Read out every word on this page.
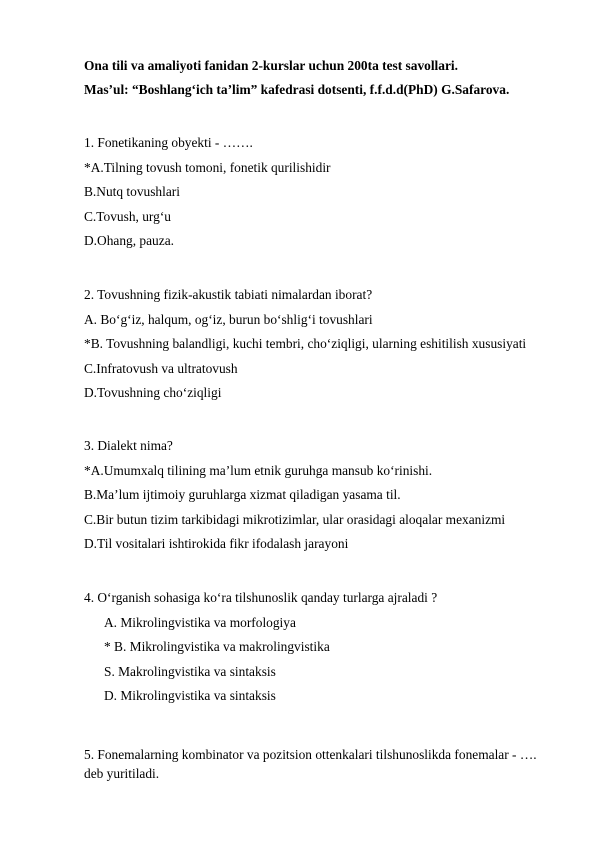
Ona tili va amaliyoti fanidan 2-kurslar uchun 200ta test savollari.
Mas’ul: “Boshlang‘ich ta’lim” kafedrasi dotsenti, f.f.d.d(PhD) G.Safarova.
1. Fonetikaning obyekti - …….
*A.Tilning tovush tomoni, fonetik qurilishidir
B.Nutq tovushlari
C.Tovush, urg‘u
D.Ohang, pauza.
2. Tovushning fizik-akustik tabiati nimalardan iborat?
A. Bo‘g‘iz, halqum, og‘iz, burun bo‘shlig‘i tovushlari
*B. Tovushning balandligi, kuchi tembri, cho‘ziqligi, ularning eshitilish xususiyati
C.Infratovush va ultratovush
D.Tovushning cho‘ziqligi
3. Dialekt nima?
*A.Umumxalq tilining ma’lum etnik guruhga mansub ko‘rinishi.
B.Ma’lum ijtimoiy guruhlarga xizmat qiladigan yasama til.
C.Bir butun tizim tarkibidagi mikrotizimlar, ular orasidagi aloqalar mexanizmi
D.Til vositalari ishtirokida fikr ifodalash jarayoni
4. O‘rganish sohasiga ko‘ra tilshunoslik qanday turlarga ajraladi ?
A. Mikrolingvistika va morfologiya
* B. Mikrolingvistika va makrolingvistika
S. Makrolingvistika va sintaksis
D. Mikrolingvistika va sintaksis
5. Fonemalarning kombinator va pozitsion ottenkalari tilshunoslikda fonemalar - …. deb yuritiladi.
